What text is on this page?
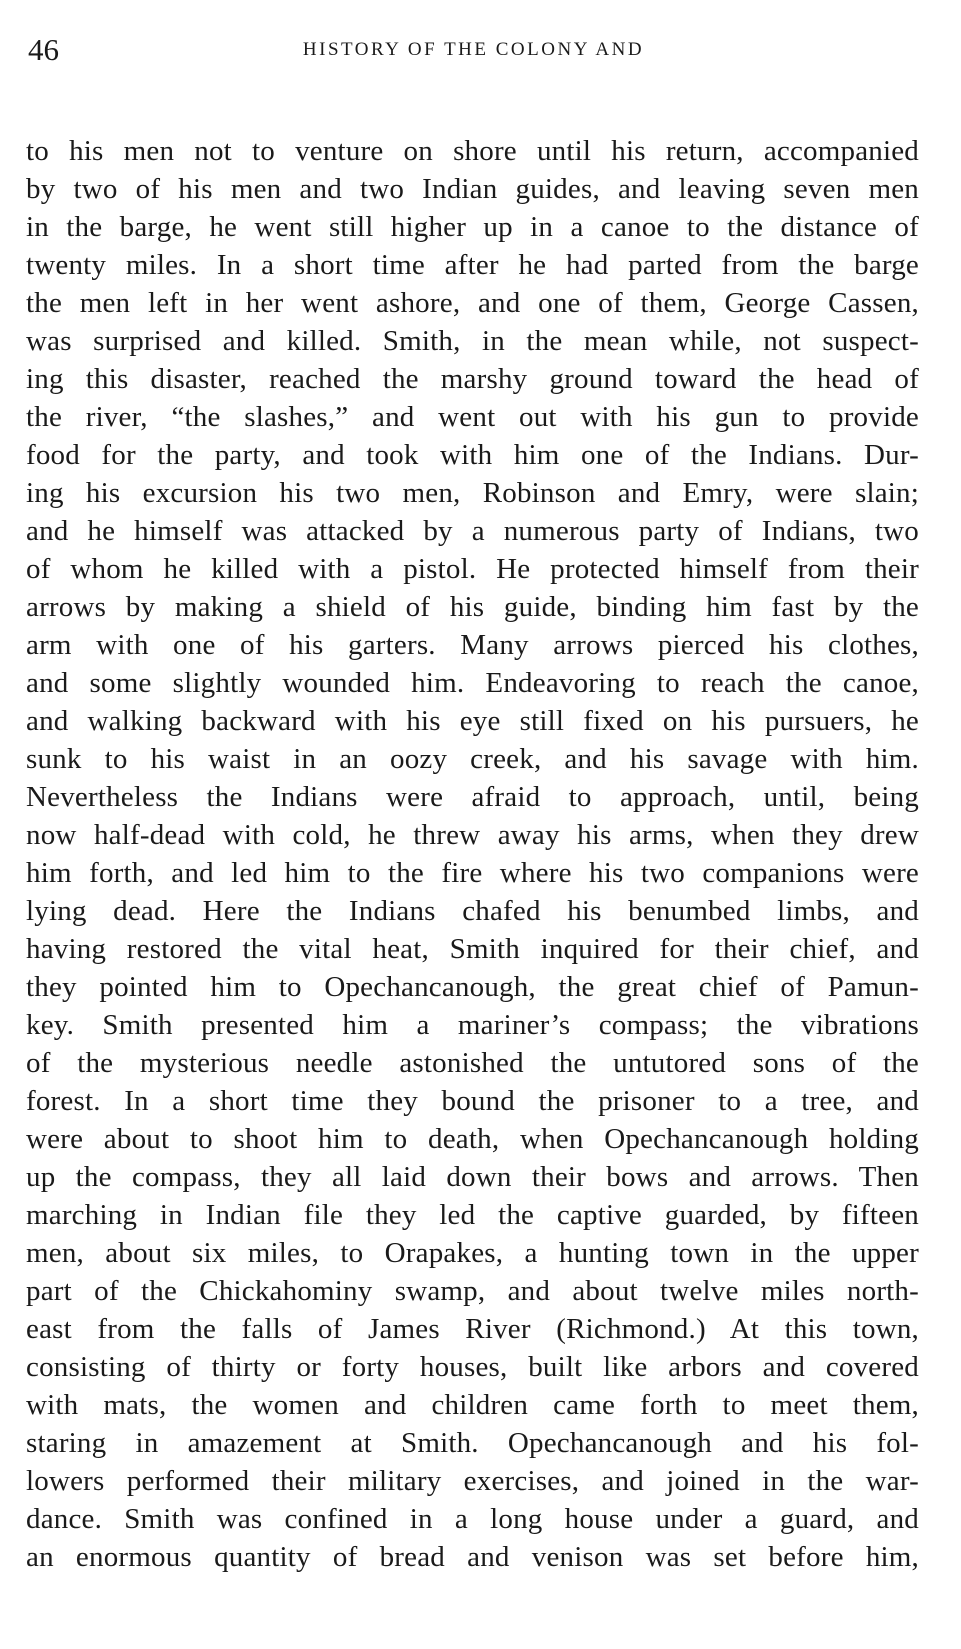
46	HISTORY OF THE COLONY AND
to his men not to venture on shore until his return, accompanied
by two of his men and two Indian guides, and leaving seven men
in the barge, he went still higher up in a canoe to the distance of
twenty miles. In a short time after he had parted from the barge
the men left in her went ashore, and one of them, George Cassen,
was surprised and killed. Smith, in the mean while, not suspect-
ing this disaster, reached the marshy ground toward the head of
the river, “the slashes,” and went out with his gun to provide
food for the party, and took with him one of the Indians. Dur-
ing his excursion his two men, Robinson and Emry, were slain;
and he himself was attacked by a numerous party of Indians, two
of whom he killed with a pistol. He protected himself from their
arrows by making a shield of his guide, binding him fast by the
arm with one of his garters. Many arrows pierced his clothes,
and some slightly wounded him. Endeavoring to reach the canoe,
and walking backward with his eye still fixed on his pursuers, he
sunk to his waist in an oozy creek, and his savage with him.
Nevertheless the Indians were afraid to approach, until, being
now half-dead with cold, he threw away his arms, when they drew
him forth, and led him to the fire where his two companions were
lying dead. Here the Indians chafed his benumbed limbs, and
having restored the vital heat, Smith inquired for their chief, and
they pointed him to Opechancanough, the great chief of Pamun-
key. Smith presented him a mariner’s compass; the vibrations
of the mysterious needle astonished the untutored sons of the
forest. In a short time they bound the prisoner to a tree, and
were about to shoot him to death, when Opechancanough holding
up the compass, they all laid down their bows and arrows. Then
marching in Indian file they led the captive guarded, by fifteen
men, about six miles, to Orapakes, a hunting town in the upper
part of the Chickahominy swamp, and about twelve miles north-
east from the falls of James River (Richmond.) At this town,
consisting of thirty or forty houses, built like arbors and covered
with mats, the women and children came forth to meet them,
staring in amazement at Smith. Opechancanough and his fol-
lowers performed their military exercises, and joined in the war-
dance. Smith was confined in a long house under a guard, and
an enormous quantity of bread and venison was set before him,
